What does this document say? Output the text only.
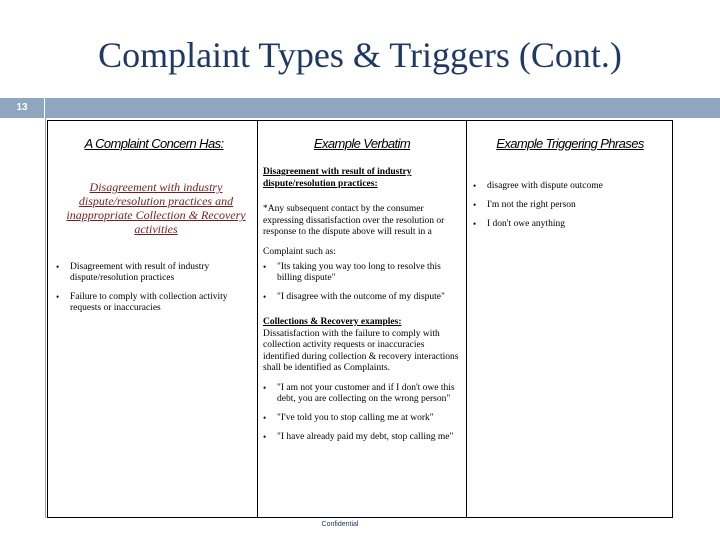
Complaint Types & Triggers (Cont.)
13
A Complaint Concern Has:
Disagreement with industry dispute/resolution practices and inappropriate Collection & Recovery activities
• Disagreement with result of industry dispute/resolution practices
• Failure to comply with collection activity requests or inaccuracies
Example Verbatim
Disagreement with result of industry dispute/resolution practices:
*Any subsequent contact by the consumer expressing dissatisfaction over the resolution or response to the dispute above will result in a
Complaint such as:
• "Its taking you way too long to resolve this billing dispute"
• "I disagree with the outcome of my dispute"
Collections & Recovery examples:
Dissatisfaction with the failure to comply with collection activity requests or inaccuracies identified during collection & recovery interactions shall be identified as Complaints.
• "I am not your customer and if I don't owe this debt, you are collecting on the wrong person"
• "I've told you to stop calling me at work"
• "I have already paid my debt, stop calling me"
Example Triggering Phrases
• disagree with dispute outcome
• I'm not the right person
• I don't owe anything
Confidential
